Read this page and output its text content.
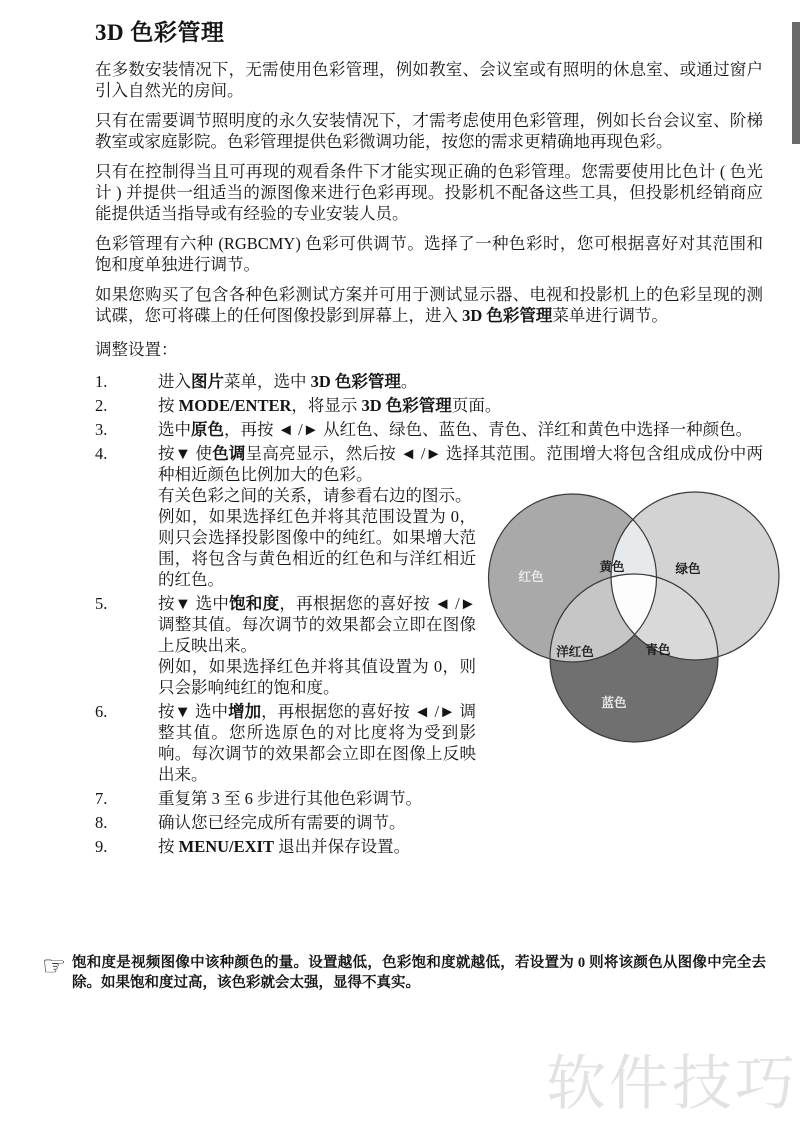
3D 色彩管理

在多数安装情况下，无需使用色彩管理，例如教室、会议室或有照明的休息室、或通过窗户引入自然光的房间。

只有在需要调节照明度的永久安装情况下，才需考虑使用色彩管理，例如长台会议室、阶梯教室或家庭影院。色彩管理提供色彩微调功能，按您的需求更精确地再现色彩。

只有在控制得当且可再现的观看条件下才能实现正确的色彩管理。您需要使用比色计 ( 色光计 ) 并提供一组适当的源图像来进行色彩再现。投影机不配备这些工具，但投影机经销商应能提供适当指导或有经验的专业安装人员。

色彩管理有六种 (RGBCMY) 色彩可供调节。选择了一种色彩时，您可根据喜好对其范围和饱和度单独进行调节。

如果您购买了包含各种色彩测试方案并可用于测试显示器、电视和投影机上的色彩呈现的测试碟，您可将碟上的任何图像投影到屏幕上，进入 3D 色彩管理菜单进行调节。

调整设置：
1.	进入图片菜单，选中 3D 色彩管理。

2.	按 MODE/ENTER，将显示 3D 色彩管理页面。

3.	选中原色，再按 ◄ /► 从红色、绿色、蓝色、青色、洋红和黄色中选择一种颜色。

4.	按▼ 使色调呈高亮显示，然后按 ◄ /► 选择其范围。范围增大将包含组成成份中两种相近颜色比例加大的色彩。

红色
黄色	绿色
洋红色	青色
蓝色

有关色彩之间的关系，请参看右边的图示。

例如，如果选择红色并将其范围设置为 0，则只会选择投影图像中的纯红。如果增大范围，将包含与黄色相近的红色和与洋红相近的红色。

5.	按▼ 选中饱和度，再根据您的喜好按 ◄ /► 调整其值。每次调节的效果都会立即在图像上反映出来。

例如，如果选择红色并将其值设置为 0，则只会影响纯红的饱和度。

6.	按▼ 选中增加，再根据您的喜好按 ◄ /► 调整其值。您所选原色的对比度将为受到影响。每次调节的效果都会立即在图像上反映出来。

7.	重复第 3 至 6 步进行其他色彩调节。

8.	确认您已经完成所有需要的调节。

9.	按 MENU/EXIT 退出并保存设置。

☞ 饱和度是视频图像中该种颜色的量。设置越低，色彩饱和度就越低，若设置为 0 则将该颜色从图像中完全去除。如果饱和度过高，该色彩就会太强，显得不真实。
软件技巧
